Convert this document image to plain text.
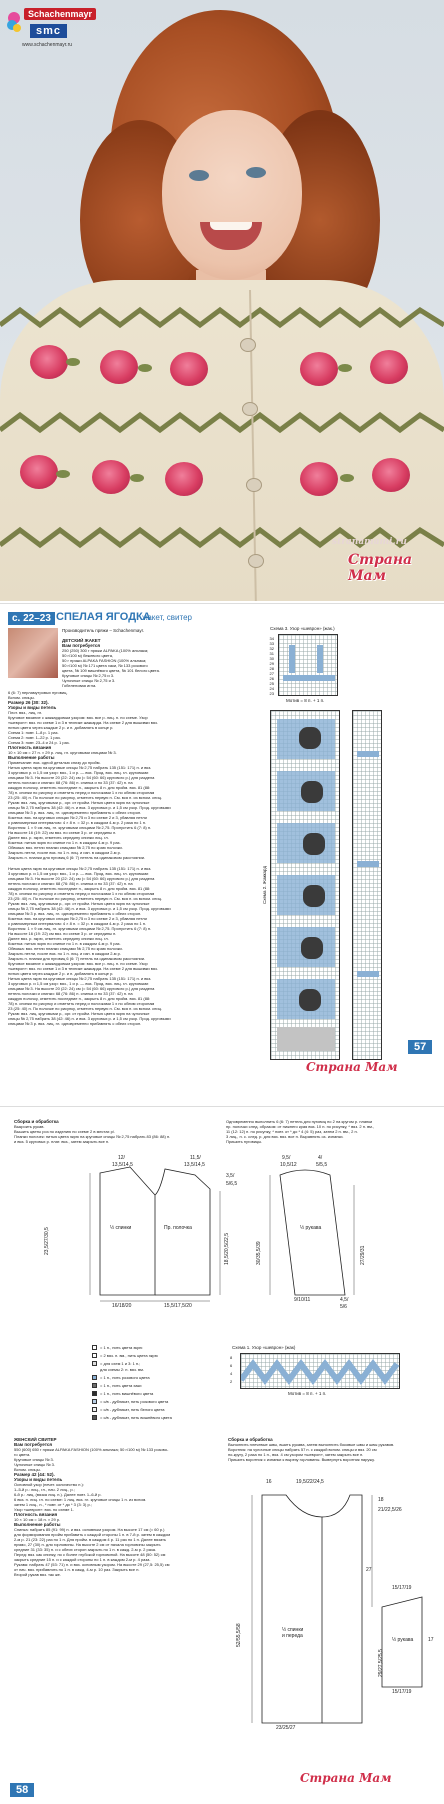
Schachenmayr
smc
www.schachenmayr.ru
stranamami.ru
Страна Мам
с. 22–23 СПЕЛАЯ ЯГОДКА
жакет, свитер
Производитель пряжи – Schachenmayr.
ДЕТСКИЙ ЖАКЕТ
Вам потребуется
250 (250) 300 г пряжи ALPAKA (100% альпака;
50 г/100 м) бежевого цвета,
50 г пряжи ALPAKA FASHION (100% альпака;
50 г/100 м) № 171 цвета хаки, № 133 розового
цвета, № 109 вишнёвого цвета, № 101 белого цвета.
Круговые спицы № 2,75 и 3.
Чулочные спицы № 2,75 и 3.
Гобеленовая игла.
6 (6: 7) перламутровых пуговиц.
Вспом. спицы.
Размер 26 (30: 32).
Узоры и виды петель
Плот. вяз., лиц. гл.
Круговое вязание с жаккардовым узором: вяз. все р. лиц. п. по схеме. Узор
«шеврон»: вяз. по схеме 1 и 3 в технике жаккарда. На схеме 2 для вышивки вяз.
нитью цвета через каждые 2 р. и п. добавлять в конце р.
Схема 1: повт. 1–8 р. 1 раз.
Схема 2: повт. 1–22 р. 1 раз.
Схема 3: повт. 23–4 и 24 р. 1 раз.
Плотность вязания
10 × 10 см = 27 п. × 29 р. лиц. гл. круговыми спицами № 3.
Выполнение работы
Примечание: вяз. одной деталью снизу до пройм.
Нитью цвета экрю на круговые спицы № 2,75 набрать 135 (151: 171) п. и вяз.
3 круговых р. и 1,5 см узор: вяз., 1 и р. — вяз. Прод. вяз. лиц. гл. круговыми
спицами № 3. На высоте 20 (22: 24) см (= 54 (60: 66) кругового р.) для раздела
петель полочки и спинки: 68 (76: 86) п. спинка и по 33 (37: 42) п. на
каждую полочку, отметить последние п., закрыть 8 п. для пройм. вяз. 81 (88:
78) п. спинки по рисунку и отметить перед и полочками 1 х по обеим сторонам
23 (25: 40) п. По полочке по рисунку, отметить первую п. См. вся п. из вспом. спиц.
Рукав: вяз. лиц. круговыми р., орг. от пройм. Нитью цвета экрю на чулочные
спицы № 2,75 набрать 38 (42: 46) п. и вяз. 3 круговых р. и 1,5 см узор. Прод. круговыми
спицами № 3 р. вяз. лиц. гл. одновременно прибавлять с обеих сторон.
Кокетка: вяз. на круговых спицах № 2,75 и 3 по схеме 2 и 3, убавляя петли
с равномерным интервалом: 4 × 8 п. = 32 р. в каждом 4-м р. 2 раза по 1 п.
Воротник: 1 × 9 см лиц. гл. круговыми спицами № 2,75. Пропустить 6 (7: 8) п.
На высоте 16 (19: 22) см вяз. по схеме 3 р. от середины п.
Далее вяз. р. экрю, отметить середину спинки лиц. гл.
Кокетка: нитью экрю по спинке по 1 п. в каждом 4-м р. 9 раз.
Обвязка: вяз. петли планки спицами № 2,75 по краю полочки.
Закрыть петли, после вяз. по 1 п. лиц. и изн. в каждом 2-м р.
Закрыть п. планки для пуговиц 6 (6: 7) петель на одинаковом расстоянии.
Нитью цвета экрю на круговые спицы № 2,75 набрать 135 (151: 171) п. и вяз.
3 круговых р. и 1,5 см узор: вяз., 1 и р. — вяз. Прод. вяз. лиц. гл. круговыми
спицами № 3. На высоте 20 (22: 24) см (= 54 (60: 66) кругового р.) для раздела
петель полочки и спинки: 68 (76: 86) п. спинка и по 33 (37: 42) п. на
каждую полочку, отметить последние п., закрыть 8 п. для пройм. вяз. 81 (88:
78) п. спинки по рисунку и отметить перед и полочками 1 х по обеим сторонам
23 (25: 40) п. По полочке по рисунку, отметить первую п. См. вся п. из вспом. спиц.
Рукав: вяз. лиц. круговыми р., орг. от пройм. Нитью цвета экрю на чулочные
спицы № 2,75 набрать 38 (42: 46) п. и вяз. 3 круговых р. и 1,5 см узор. Прод. круговыми
спицами № 3 р. вяз. лиц. гл. одновременно прибавлять с обеих сторон.
Кокетка: вяз. на круговых спицах № 2,75 и 3 по схеме 2 и 3, убавляя петли
с равномерным интервалом: 4 × 8 п. = 32 р. в каждом 4-м р. 2 раза по 1 п.
Воротник: 1 × 9 см лиц. гл. круговыми спицами № 2,75. Пропустить 6 (7: 8) п.
На высоте 16 (19: 22) см вяз. по схеме 3 р. от середины п.
Далее вяз. р. экрю, отметить середину спинки лиц. гл.
Кокетка: нитью экрю по спинке по 1 п. в каждом 4-м р. 9 раз.
Обвязка: вяз. петли планки спицами № 2,75 по краю полочки.
Закрыть петли, после вяз. по 1 п. лиц. и изн. в каждом 2-м р.
Закрыть п. планки для пуговиц 6 (6: 7) петель на одинаковом расстоянии.
Круговое вязание с жаккардовым узором: вяз. все р. лиц. п. по схеме. Узор
«шеврон»: вяз. по схеме 1 и 3 в технике жаккарда. На схеме 2 для вышивки вяз.
нитью цвета через каждые 2 р. и п. добавлять в конце р.
Нитью цвета экрю на круговые спицы № 2,75 набрать 135 (151: 171) п. и вяз.
3 круговых р. и 1,5 см узор: вяз., 1 и р. — вяз. Прод. вяз. лиц. гл. круговыми
спицами № 3. На высоте 20 (22: 24) см (= 54 (60: 66) кругового р.) для раздела
петель полочки и спинки: 68 (76: 86) п. спинка и по 33 (37: 42) п. на
каждую полочку, отметить последние п., закрыть 8 п. для пройм. вяз. 81 (88:
78) п. спинки по рисунку и отметить перед и полочками 1 х по обеим сторонам
23 (25: 40) п. По полочке по рисунку, отметить первую п. См. вся п. из вспом. спиц.
Рукав: вяз. лиц. круговыми р., орг. от пройм. Нитью цвета экрю на чулочные
спицы № 2,75 набрать 38 (42: 46) п. и вяз. 3 круговых р. и 1,5 см узор. Прод. круговыми
спицами № 3 р. вяз. лиц. гл. одновременно прибавлять с обеих сторон.
Схема 3. Узор «шеврон» (жак.)
34
33
32
31
30
29
28
27
26
25
24
23
Мотив = 8 п. + 1 п.
Схема 2. Жаккард
57
Страна Мам
Сборка и обработка
Выкроить рукав.
Вышить цветы роз по изделию по схеме 2 в местах p/.
Планки полочек: нитью цвета экрю на круговые спицы № 2,75 набрать 83 (86: 88) п.
и вяз. 5 круговых р. плат. вяз., затем закрыть все п.
Одновременно выполнить 6 (6: 7) петель для пуговиц по 2 на кругом р. планки
пр. полочки след. образом: от нижнего края вяз. 10 п. по рисунку, * вяз. 2 п. вм.,
11 (12: 12) п. по рисунку, * повт. от * до * 4 (4: 5) раз, затем 2 п. вм., 2 п.
3 лиц., п. с. след. р. для вяз. вяз. все п. Выравнять оз. изнанки.
Пришить пуговицы.
12/
13,5/14,5
11,5/
13,5/14,5
3,5/
5/6,5
23,5/27/30,5	18,5/20,5/22,5
½ спинки	Пр. полочка
16/18/20	15,5/17,5/20
9,5/	4/
10,5/12	5/5,5
30/35,5/39	27/29/31
½ рукава
9/10/11	4,5/
5/6
= 1 п., нить цвета экрю
= 2 вяз. п. вм., нить цвета экрю
= для схем 1 и 3: 1 п.;
для схемы 2: п. вяз. вм.
= 1 п., нить розового цвета
= 1 п., нить цвета хаки
= 1 п., нить вишнёвого цвета
= с/в - дубликат, нить розового цвета
= с/в - дубликат, нить белого цвета
= с/в - дубликат, нить вишнёвого цвета
Схема 1. Узор «шеврон» (жак)
8
6
4
2
Мотив = 8 п. + 1 п.
ЖЕНСКИЙ СВИТЕР
Вам потребуется
550 (600) 650 г пряжи ALPAKA FASHION (100% альпака; 50 г/100 м) № 133 розово-
го цвета.
Круговые спицы № 3.
Чулочные спицы № 3.
Вспом. спицы.
Размер 42 (44: 52).
Узоры и виды петель
Основной узор (нечет. количество п.):
1–5-й р.: лиц., гл., нач. 2 лиц., р.;
6-й р.: лиц. (вязка лиц. п.). Далее повт. 1–6-й р.
6 вяз. п. лиц. гл. по схеме: 1 лиц. вяз. гл. круговые спицы 1 п. из вспом.
затем 1 лиц., п., * повт. от * до * 3 (3: 3) р.;
Узор «шеврон»: вяз. по схеме 1.
Плотность вязания
10 × 10 см = 18 п. × 29 р.
Выполнение работы
Спинка: набрать 85 (91: 99) п. и вяз. основным узором. На высоте 17 см (= 60 р.)
для формирования пройм прибавить с каждой стороны 1 п. в 7-й р. затем в каждом
2-м р. 21 (23: 22) раз по 1 п. Для пройм. в каждом 4 р. 11 раз по 1 п. Далее вязать
прямо, 27 (30) п. для горловины. На высоте 2 см от начала горловины закрыть
средние 31 (33: 35) п. и с обеих сторон закрыть по 1 п. в кажд. 2-м р. 2 раза.
Перед: вяз. как спинку, но с более глубокой горловиной. На высоте 48 (50: 52) см
закрыть средние 15 п. и с каждой стороны по 1 п. в каждом 2-м р. 4 раза.
Рукава: набрать 47 (53: 71) п. и вяз. основным узором. На высоте 29 (27,5: 25,5) см
от нач. вяз. прибавлять по 1 п. в кажд. 4-м р. 10 раз. Закрыть все п.
Второй рукав вяз. так же.
Сборка и обработка
Выполнить плечевые швы, вшить рукава, затем выполнить боковые швы и швы рукавов.
Воротник: на чулочные спицы набрать 57 п. с каждой вспом. спицы и вяз. 20 см
по-кругу, 2 раза по 1 п., вяз. 4 см узором «шеврон», затем закрыть все п.
Пришить воротник с изнанки к вырезу горловины. Вывернуть воротник наружу.
16	19,5/22/24,5
18
21/22,5/26
52/55,5/58
27
½ спинки
и переда
23/25/27
15/17/19
29/27,5/25,5
½ рукава
15/17/19
17
58
Страна Мам
